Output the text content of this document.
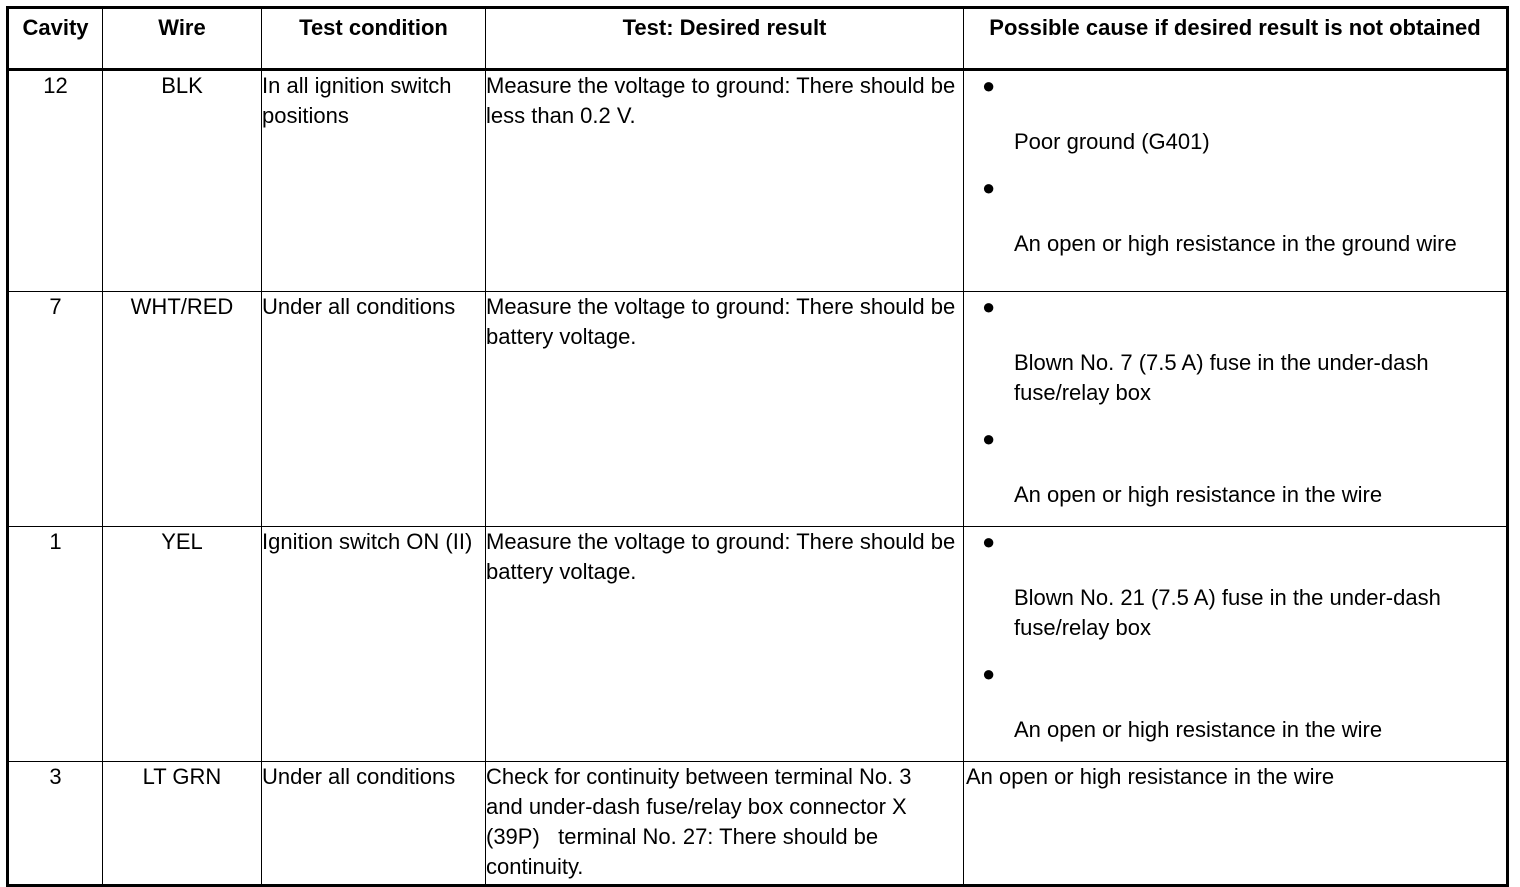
Cavity	Wire	Test condition	Test: Desired result	Possible cause if desired result is not obtained
12	BLK	In all ignition switch positions	Measure the voltage to ground: There should be less than 0.2 V.	●
Poor ground (G401)
●
An open or high resistance in the ground wire

7	WHT/RED	Under all conditions	Measure the voltage to ground: There should be battery voltage.	●
Blown No. 7 (7.5 A) fuse in the under-dash fuse/relay box
●
An open or high resistance in the wire

1	YEL	Ignition switch ON (II)	Measure the voltage to ground: There should be battery voltage.	●
Blown No. 21 (7.5 A) fuse in the under-dash fuse/relay box
●
An open or high resistance in the wire

3	LT GRN	Under all conditions	Check for continuity between terminal No. 3   and under-dash fuse/relay box connector X (39P)   terminal No. 27: There should be continuity.	An open or high resistance in the wire
